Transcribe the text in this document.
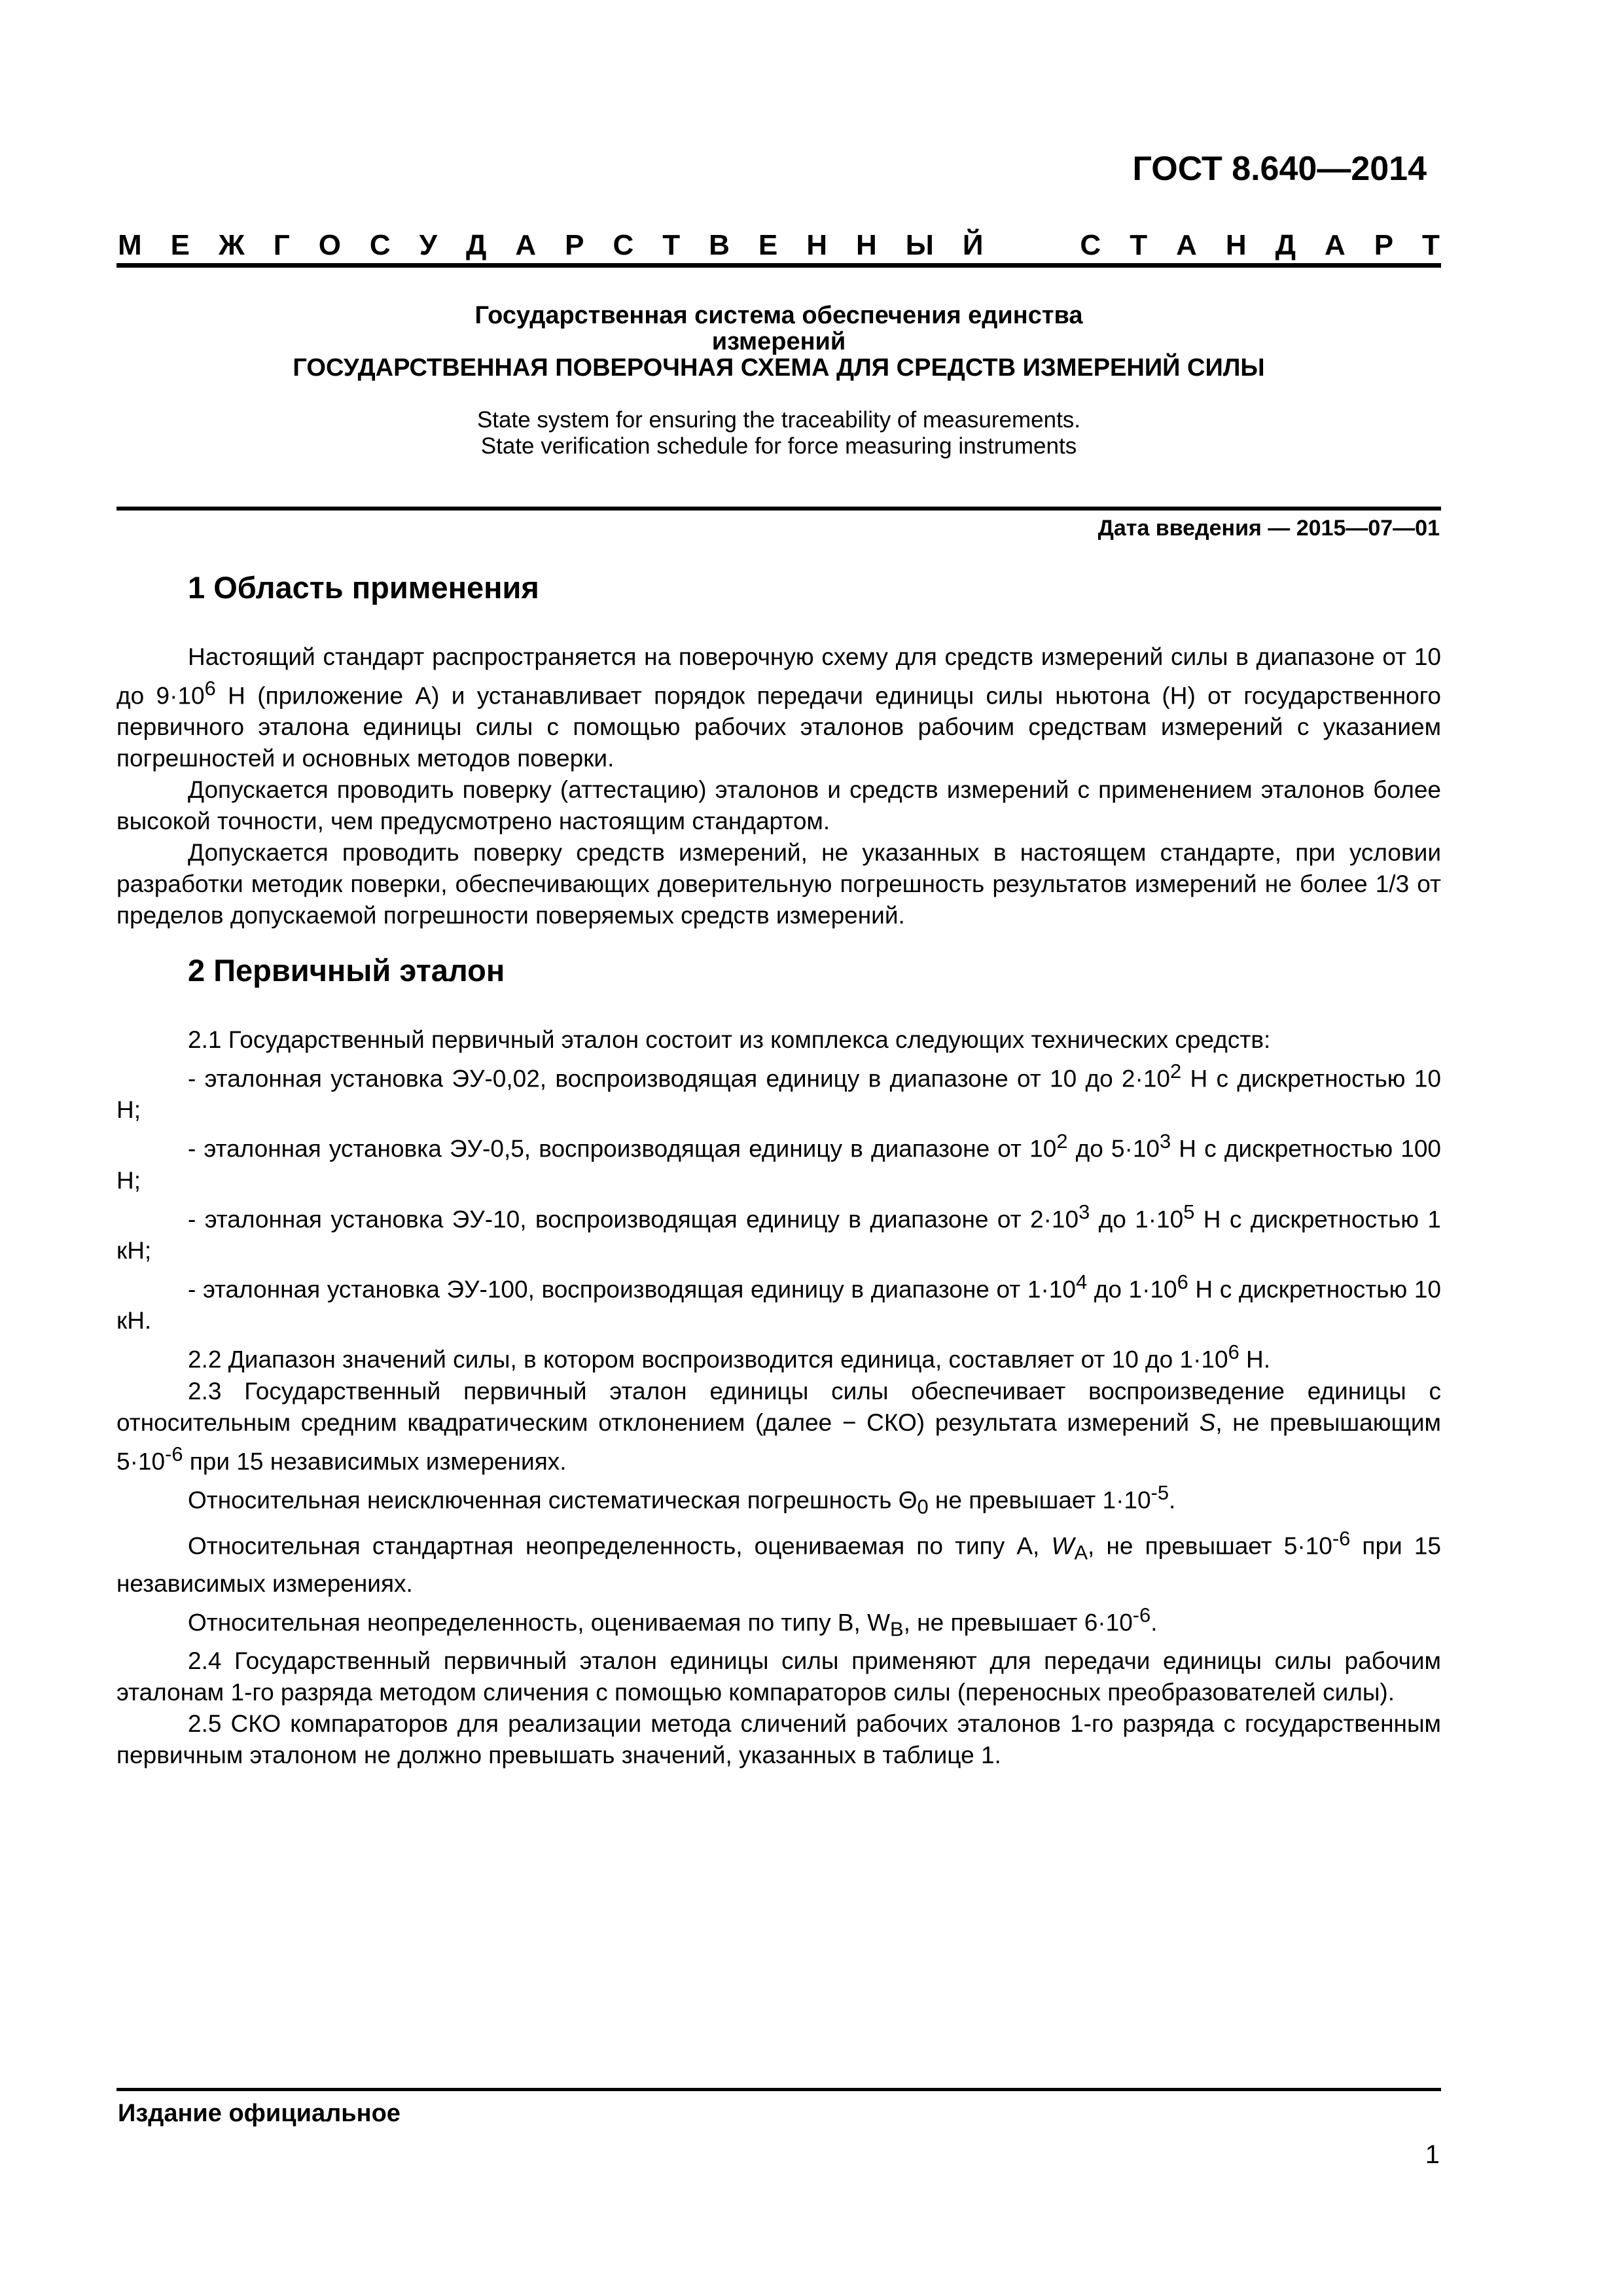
ГОСТ 8.640—2014
М Е Ж Г О С У Д А Р С Т В Е Н Н Ы Й	С Т А Н Д А Р Т
Государственная система обеспечения единства
измерений
ГОСУДАРСТВЕННАЯ ПОВЕРОЧНАЯ СХЕМА ДЛЯ СРЕДСТВ ИЗМЕРЕНИЙ СИЛЫ
State system for ensuring the traceability of measurements.
State verification schedule for force measuring instruments
Дата введения — 2015—07—01
1 Область применения

Настоящий стандарт распространяется на поверочную схему для средств измерений силы в диапазоне от 10 до $9\cdot 10^6$ Н (приложение А) и устанавливает порядок передачи единицы силы ньютона (Н) от государственного первичного эталона единицы силы с помощью рабочих эталонов рабочим средствам измерений с указанием погрешностей и основных методов поверки.

Допускается проводить поверку (аттестацию) эталонов и средств измерений с применением эталонов более высокой точности, чем предусмотрено настоящим стандартом.

Допускается проводить поверку средств измерений, не указанных в настоящем стандарте, при условии разработки методик поверки, обеспечивающих доверительную погрешность результатов измерений не более 1/3 от пределов допускаемой погрешности поверяемых средств измерений.

2 Первичный эталон

2.1 Государственный первичный эталон состоит из комплекса следующих технических средств:

- эталонная установка ЭУ-0,02, воспроизводящая единицу в диапазоне от 10 до $2\cdot 10^2$ Н с дискретностью 10 Н;

- эталонная установка ЭУ-0,5, воспроизводящая единицу в диапазоне от $10^2$ до $5\cdot 10^3$ Н с дискретностью 100 Н;

- эталонная установка ЭУ-10, воспроизводящая единицу в диапазоне от $2\cdot 10^3$ до $1\cdot 10^5$ Н с дискретностью 1 кН;

- эталонная установка ЭУ-100, воспроизводящая единицу в диапазоне от $1\cdot 10^4$ до $1\cdot 10^6$ Н с дискретностью 10 кН.

2.2 Диапазон значений силы, в котором воспроизводится единица, составляет от 10 до $1\cdot 10^6$ Н.

2.3 Государственный первичный эталон единицы силы обеспечивает воспроизведение единицы с относительным средним квадратическим отклонением (далее − СКО) результата измерений S, не превышающим $5\cdot 10^{-6}$ при 15 независимых измерениях.

Относительная неисключенная систематическая погрешность $\Theta_0$ не превышает $1\cdot 10^{-5}$.

Относительная стандартная неопределенность, оцениваемая по типу А, $W_A$, не превышает $5\cdot 10^{-6}$ при 15 независимых измерениях.

Относительная неопределенность, оцениваемая по типу В, $W_B$, не превышает $6\cdot 10^{-6}$.

2.4 Государственный первичный эталон единицы силы применяют для передачи единицы силы рабочим эталонам 1-го разряда методом сличения с помощью компараторов силы (переносных преобразователей силы).

2.5 СКО компараторов для реализации метода сличений рабочих эталонов 1-го разряда с государственным первичным эталоном не должно превышать значений, указанных в таблице 1.

Издание официальное
1
